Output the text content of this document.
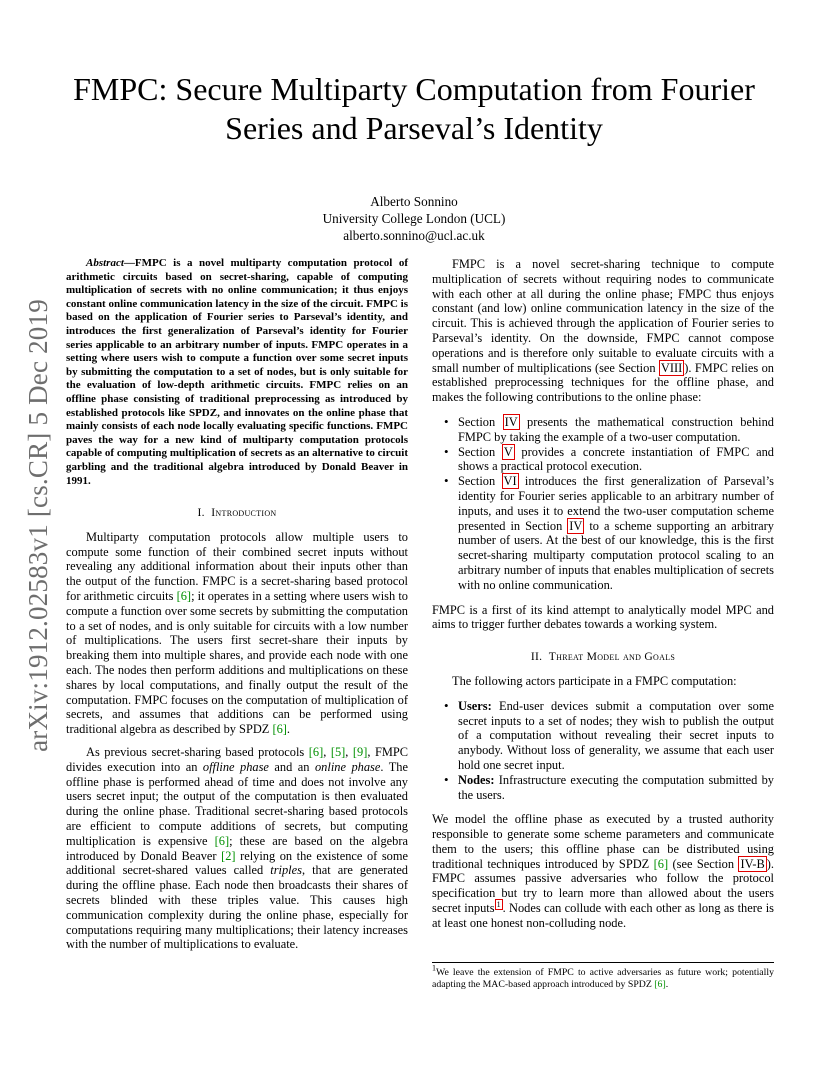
arXiv:1912.02583v1 [cs.CR] 5 Dec 2019
FMPC: Secure Multiparty Computation from Fourier
Series and Parseval’s Identity
Alberto Sonnino
University College London (UCL)
alberto.sonnino@ucl.ac.uk

Abstract—FMPC is a novel multiparty computation protocol of arithmetic circuits based on secret-sharing, capable of computing multiplication of secrets with no online communication; it thus enjoys constant online communication latency in the size of the circuit. FMPC is based on the application of Fourier series to Parseval’s identity, and introduces the first generalization of Parseval’s identity for Fourier series applicable to an arbitrary number of inputs. FMPC operates in a setting where users wish to compute a function over some secret inputs by submitting the computation to a set of nodes, but is only suitable for the evaluation of low-depth arithmetic circuits. FMPC relies on an offline phase consisting of traditional preprocessing as introduced by established protocols like SPDZ, and innovates on the online phase that mainly consists of each node locally evaluating specific functions. FMPC paves the way for a new kind of multiparty computation protocols capable of computing multiplication of secrets as an alternative to circuit garbling and the traditional algebra introduced by Donald Beaver in 1991.

I. Introduction

Multiparty computation protocols allow multiple users to compute some function of their combined secret inputs without revealing any additional information about their inputs other than the output of the function. FMPC is a secret-sharing based protocol for arithmetic circuits [6]; it operates in a setting where users wish to compute a function over some secrets by submitting the computation to a set of nodes, and is only suitable for circuits with a low number of multiplications. The users first secret-share their inputs by breaking them into multiple shares, and provide each node with one each. The nodes then perform additions and multiplications on these shares by local computations, and finally output the result of the computation. FMPC focuses on the computation of multiplication of secrets, and assumes that additions can be performed using traditional algebra as described by SPDZ [6].

As previous secret-sharing based protocols [6], [5], [9], FMPC divides execution into an offline phase and an online phase. The offline phase is performed ahead of time and does not involve any users secret input; the output of the computation is then evaluated during the online phase. Traditional secret-sharing based protocols are efficient to compute additions of secrets, but computing multiplication is expensive [6]; these are based on the algebra introduced by Donald Beaver [2] relying on the existence of some additional secret-shared values called triples, that are generated during the offline phase. Each node then broadcasts their shares of secrets blinded with these triples value. This causes high communication complexity during the online phase, especially for computations requiring many multiplications; their latency increases with the number of multiplications to evaluate.

FMPC is a novel secret-sharing technique to compute multiplication of secrets without requiring nodes to communicate with each other at all during the online phase; FMPC thus enjoys constant (and low) online communication latency in the size of the circuit. This is achieved through the application of Fourier series to Parseval’s identity. On the downside, FMPC cannot compose operations and is therefore only suitable to evaluate circuits with a small number of multiplications (see Section VIII ). FMPC relies on established preprocessing techniques for the offline phase, and makes the following contributions to the online phase:

• Section IV presents the mathematical construction behind FMPC by taking the example of a two-user computation.
• Section V provides a concrete instantiation of FMPC and shows a practical protocol execution.
• Section VI introduces the first generalization of Parseval’s identity for Fourier series applicable to an arbitrary number of inputs, and uses it to extend the two-user computation scheme presented in Section IV to a scheme supporting an arbitrary number of users. At the best of our knowledge, this is the first secret-sharing multiparty computation protocol scaling to an arbitrary number of inputs that enables multiplication of secrets with no online communication.

FMPC is a first of its kind attempt to analytically model MPC and aims to trigger further debates towards a working system.

II. Threat Model and Goals

The following actors participate in a FMPC computation:

• Users: End-user devices submit a computation over some secret inputs to a set of nodes; they wish to publish the output of a computation without revealing their secret inputs to anybody. Without loss of generality, we assume that each user hold one secret input.
• Nodes: Infrastructure executing the computation submitted by the users.

We model the offline phase as executed by a trusted authority responsible to generate some scheme parameters and communicate them to the users; this offline phase can be distributed using traditional techniques introduced by SPDZ [6] (see Section IV-B ). FMPC assumes passive adversaries who follow the protocol specification but try to learn more than allowed about the users secret inputs $^1$ . Nodes can collude with each other as long as there is at least one honest non-colluding node.

$^1$We leave the extension of FMPC to active adversaries as future work; potentially adapting the MAC-based approach introduced by SPDZ [6].
